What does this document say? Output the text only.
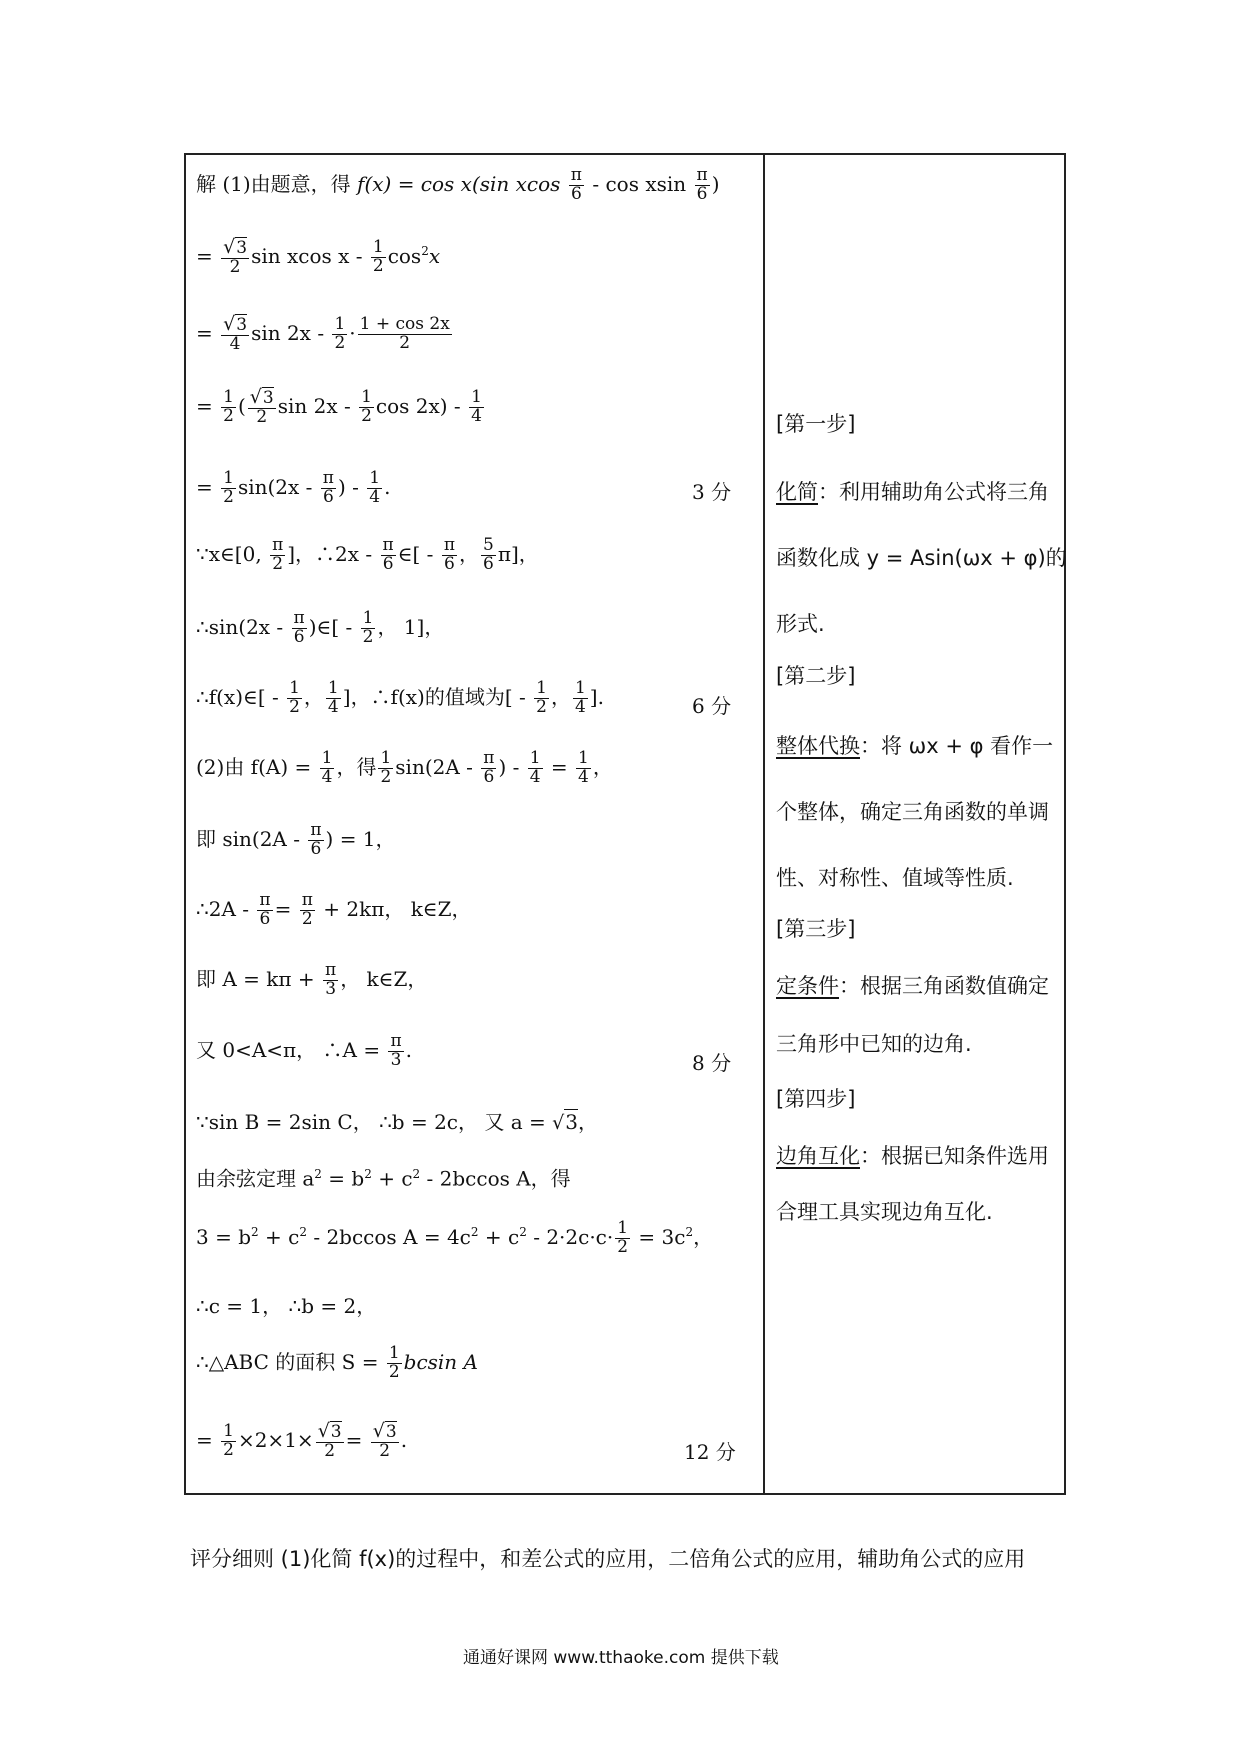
解 (1)由题意，得 f(x) = cos x(sin xcos $\frac{\pi}{6}$ - cos xsin $\frac{\pi}{6}$ )
= $\frac{√3}{2}$ sin xcos x - $\frac{1}{2} \cos^2x$
= $\frac{√3}{4}$ $\sin 2x - \frac{1}{2} \cdot \frac{1 + \cos 2x}{2}$
= $\frac{1}{2}$ ( $\frac{√3}{2}$ $\sin 2x - \frac{1}{2}$ $\cos 2x) - \frac{1}{4}$
= $\frac{1}{2} \sin(2x - \frac{\pi}{6}$ ) - $\frac{1}{4}$ .	3 分
∵x∈[0, $\frac{\pi}{2}$ ]，∴2x - $\frac{\pi}{6}$ ∈[ - $\frac{\pi}{6}$ ， $\frac{5}{6} \pi$]，
∴sin(2x - $\frac{\pi}{6}$ )∈[ - $\frac{1}{2}$ ， 1]，
∴f(x)∈[ - $\frac{1}{2}$ ， $\frac{1}{4}$ ]，∴f(x)的值域为[ - $\frac{1}{2}$ ， $\frac{1}{4}$ ].	6 分
(2)由 $f(A) = \frac{1}{4}$ ，得 $\frac{1}{2} \sin(2A - \frac{\pi}{6}$ ) - $\frac{1}{4} = \frac{1}{4}$ ，
即 $\sin(2A - \frac{\pi}{6}$ ) = 1，
∴2A - $\frac{\pi}{6} = \frac{\pi}{2} + 2k\pi$， k∈Z，
即 $A = k\pi + \frac{\pi}{3}$ ， k∈Z，
又 0<A<π， ∴A = $\frac{\pi}{3}$ .
8 分
∵sin B = 2sin C， ∴b = 2c， 又 a = √3，
由余弦定理 $a^2 = b^2 + c^2 - 2bccos$ A，得
$3 = b^2 + c^2 - 2bccos$ $A = 4c^2 + c^2 - 2\cdot 2c\cdot c\cdot \frac{1}{2} = 3c^2$，
∴c = 1， ∴b = 2，
∴△ABC 的面积 $S = \frac{1}{2}$ bcsin A
= $\frac{1}{2} \times 2\times 1\times \frac{√3}{2} = \frac{√3}{2}$ .
12 分
[第一步]
化简：利用辅助角公式将三角
函数化成 y = Asin(ωx + φ)的
形式.
[第二步]
整体代换：将 ωx + φ 看作一
个整体，确定三角函数的单调
性、对称性、值域等性质.
[第三步]
定条件：根据三角函数值确定
三角形中已知的边角.
[第四步]
边角互化：根据已知条件选用
合理工具实现边角互化.
评分细则 (1)化简 f(x)的过程中，和差公式的应用，二倍角公式的应用，辅助角公式的应用
通通好课网 www.tthaoke.com 提供下载
